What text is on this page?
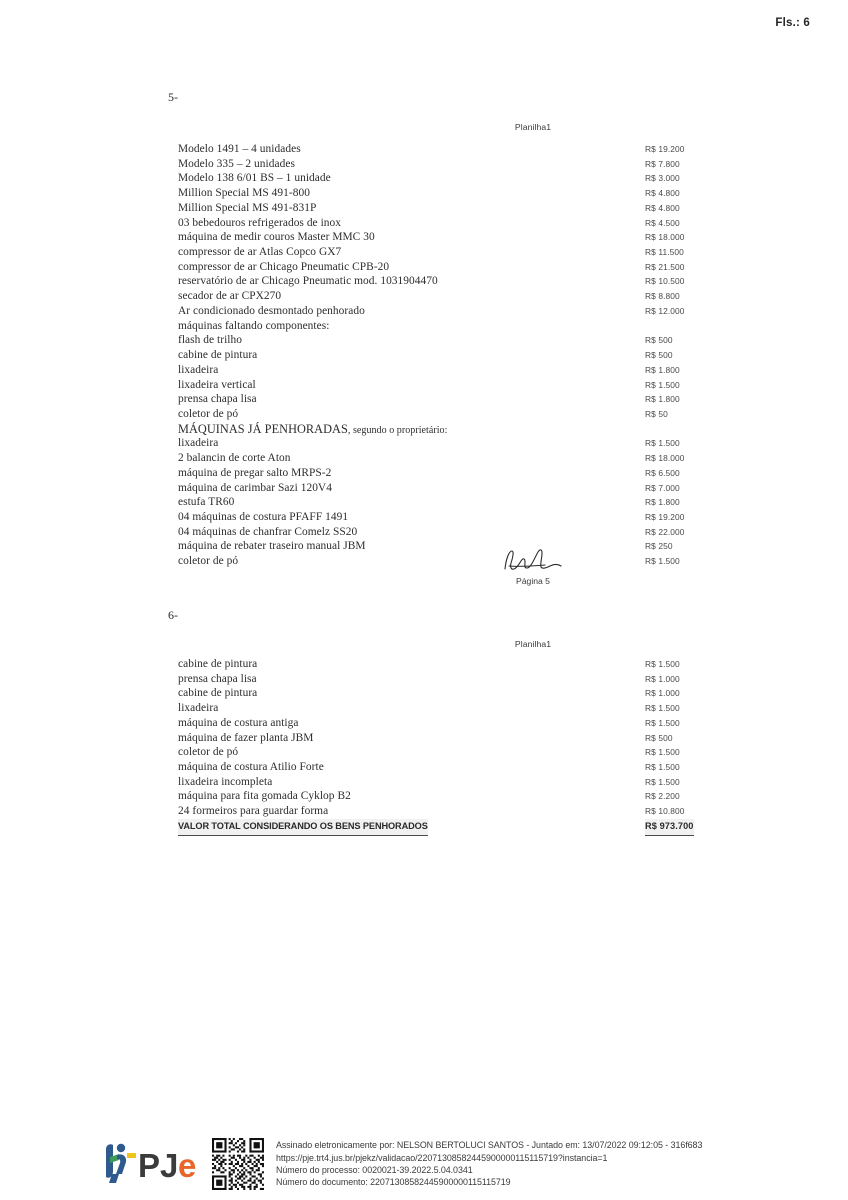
Fls.: 6
5-
Planilha1
Modelo 1491 – 4 unidades	R$ 19.200
Modelo 335 – 2 unidades	R$ 7.800
Modelo 138 6/01 BS – 1 unidade	R$ 3.000
Million Special MS 491-800	R$ 4.800
Million Special MS 491-831P	R$ 4.800
03 bebedouros refrigerados de inox	R$ 4.500
máquina de medir couros Master MMC 30	R$ 18.000
compressor de ar Atlas Copco GX7	R$ 11.500
compressor de ar Chicago Pneumatic CPB-20	R$ 21.500
reservatório de ar Chicago Pneumatic mod. 1031904470	R$ 10.500
secador de ar CPX270	R$ 8.800
Ar condicionado desmontado penhorado	R$ 12.000
máquinas faltando componentes:
flash de trilho	R$ 500
cabine de pintura	R$ 500
lixadeira	R$ 1.800
lixadeira vertical	R$ 1.500
prensa chapa lisa	R$ 1.800
coletor de pó	R$ 50
MÁQUINAS JÁ PENHORADAS, segundo o proprietário:
lixadeira	R$ 1.500
2 balancin de corte Aton	R$ 18.000
máquina de pregar salto MRPS-2	R$ 6.500
máquina de carimbar Sazi 120V4	R$ 7.000
estufa TR60	R$ 1.800
04 máquinas de costura PFAFF 1491	R$ 19.200
04 máquinas de chanfrar Comelz SS20	R$ 22.000
máquina de rebater traseiro manual JBM	R$ 250
coletor de pó	R$ 1.500
Página 5
6-
Planilha1
cabine de pintura	R$ 1.500
prensa chapa lisa	R$ 1.000
cabine de pintura	R$ 1.000
lixadeira	R$ 1.500
máquina de costura antiga	R$ 1.500
máquina de fazer planta JBM	R$ 500
coletor de pó	R$ 1.500
máquina de costura Atilio Forte	R$ 1.500
lixadeira incompleta	R$ 1.500
máquina para fita gomada Cyklop B2	R$ 2.200
24 formeiros para guardar forma	R$ 10.800
VALOR TOTAL CONSIDERANDO OS BENS PENHORADOS	R$ 973.700
PJ e
Assinado eletronicamente por: NELSON BERTOLUCI SANTOS - Juntado em: 13/07/2022 09:12:05 - 316f683
https://pje.trt4.jus.br/pjekz/validacao/22071308582445900000115115719?instancia=1
Número do processo: 0020021-39.2022.5.04.0341
Número do documento: 22071308582445900000115115719
